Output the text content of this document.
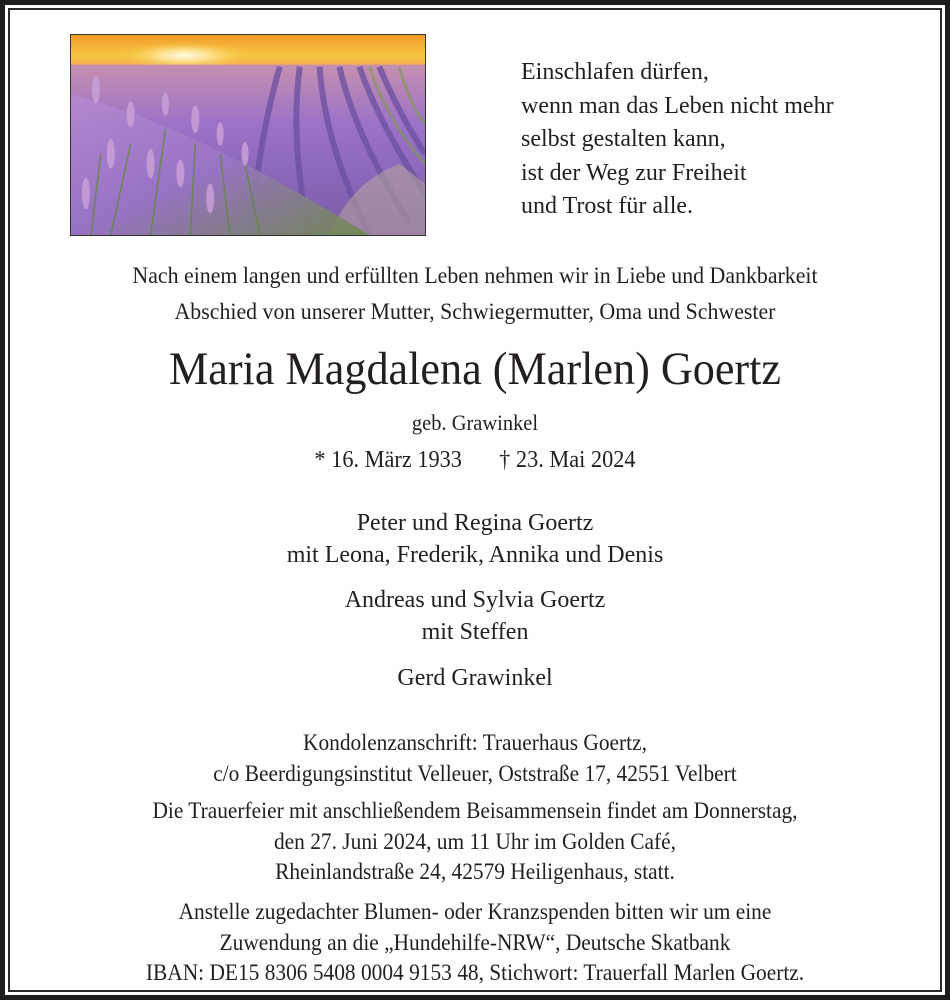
Einschlafen dürfen,
wenn man das Leben nicht mehr
selbst gestalten kann,
ist der Weg zur Freiheit
und Trost für alle.
Nach einem langen und erfüllten Leben nehmen wir in Liebe und Dankbarkeit
Abschied von unserer Mutter, Schwiegermutter, Oma und Schwester
Maria Magdalena (Marlen) Goertz
geb. Grawinkel
* 16. März 1933 † 23. Mai 2024
Peter und Regina Goertz
mit Leona, Frederik, Annika und Denis
Andreas und Sylvia Goertz
mit Steffen
Gerd Grawinkel
Kondolenzanschrift: Trauerhaus Goertz,
c/o Beerdigungsinstitut Velleuer, Oststraße 17, 42551 Velbert
Die Trauerfeier mit anschließendem Beisammensein findet am Donnerstag,
den 27. Juni 2024, um 11 Uhr im Golden Café,
Rheinlandstraße 24, 42579 Heiligenhaus, statt.
Anstelle zugedachter Blumen- oder Kranzspenden bitten wir um eine
Zuwendung an die „Hundehilfe-NRW“, Deutsche Skatbank
IBAN: DE15 8306 5408 0004 9153 48, Stichwort: Trauerfall Marlen Goertz.
